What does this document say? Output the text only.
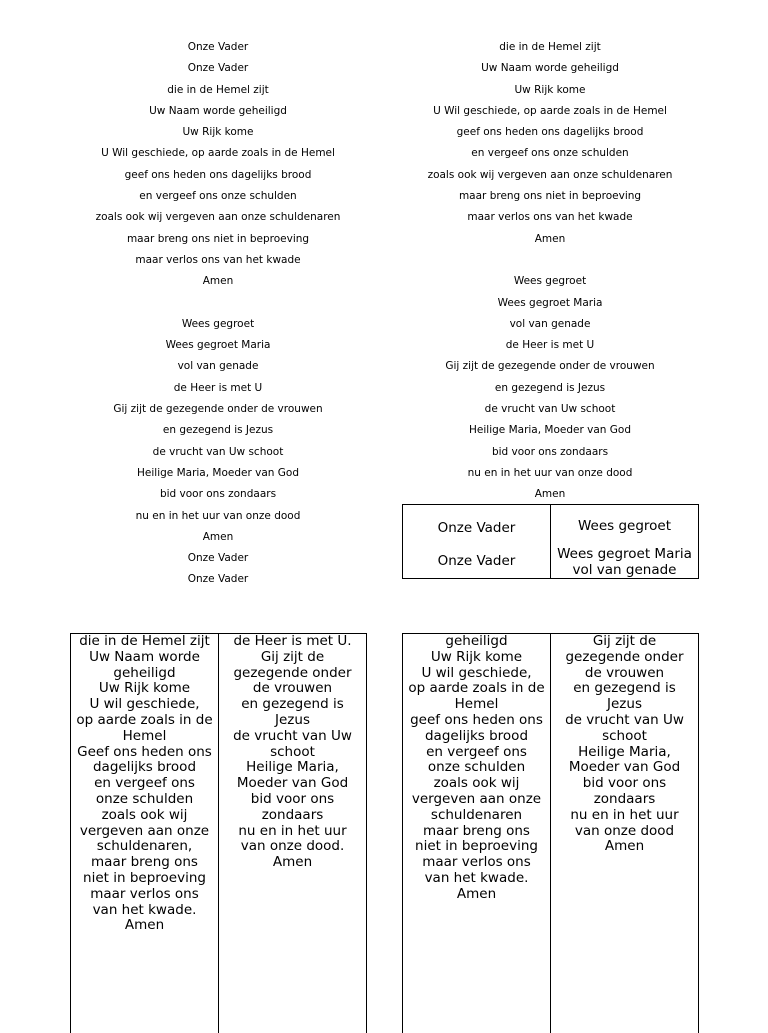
Onze Vader
Onze Vader
die in de Hemel zijt
Uw Naam worde geheiligd
Uw Rijk kome
U Wil geschiede, op aarde zoals in de Hemel
geef ons heden ons dagelijks brood
en vergeef ons onze schulden
zoals ook wij vergeven aan onze schuldenaren
maar breng ons niet in beproeving
maar verlos ons van het kwade
Amen
Wees gegroet
Wees gegroet Maria
vol van genade
de Heer is met U
Gij zijt de gezegende onder de vrouwen
en gezegend is Jezus
de vrucht van Uw schoot
Heilige Maria, Moeder van God
bid voor ons zondaars
nu en in het uur van onze dood
Amen
Onze Vader
Onze Vader
die in de Hemel zijt
Uw Naam worde geheiligd
Uw Rijk kome
U Wil geschiede, op aarde zoals in de Hemel
geef ons heden ons dagelijks brood
en vergeef ons onze schulden
zoals ook wij vergeven aan onze schuldenaren
maar breng ons niet in beproeving
maar verlos ons van het kwade
Amen
Wees gegroet
Wees gegroet Maria
vol van genade
de Heer is met U
Gij zijt de gezegende onder de vrouwen
en gezegend is Jezus
de vrucht van Uw schoot
Heilige Maria, Moeder van God
bid voor ons zondaars
nu en in het uur van onze dood
Amen
Onze Vader
Onze Vader
Wees gegroet
Wees gegroet Maria
vol van genade
die in de Hemel zijt
Uw Naam worde
geheiligd
Uw Rijk kome
U wil geschiede,
op aarde zoals in de
Hemel
Geef ons heden ons
dagelijks brood
en vergeef ons
onze schulden
zoals ook wij
vergeven aan onze
schuldenaren,
maar breng ons
niet in beproeving
maar verlos ons
van het kwade.
Amen
de Heer is met U.
Gij zijt de
gezegende onder
de vrouwen
en gezegend is
Jezus
de vrucht van Uw
schoot
Heilige Maria,
Moeder van God
bid voor ons
zondaars
nu en in het uur
van onze dood.
Amen
geheiligd
Uw Rijk kome
U wil geschiede,
op aarde zoals in de
Hemel
geef ons heden ons
dagelijks brood
en vergeef ons
onze schulden
zoals ook wij
vergeven aan onze
schuldenaren
maar breng ons
niet in beproeving
maar verlos ons
van het kwade.
Amen
Gij zijt de
gezegende onder
de vrouwen
en gezegend is
Jezus
de vrucht van Uw
schoot
Heilige Maria,
Moeder van God
bid voor ons
zondaars
nu en in het uur
van onze dood
Amen
